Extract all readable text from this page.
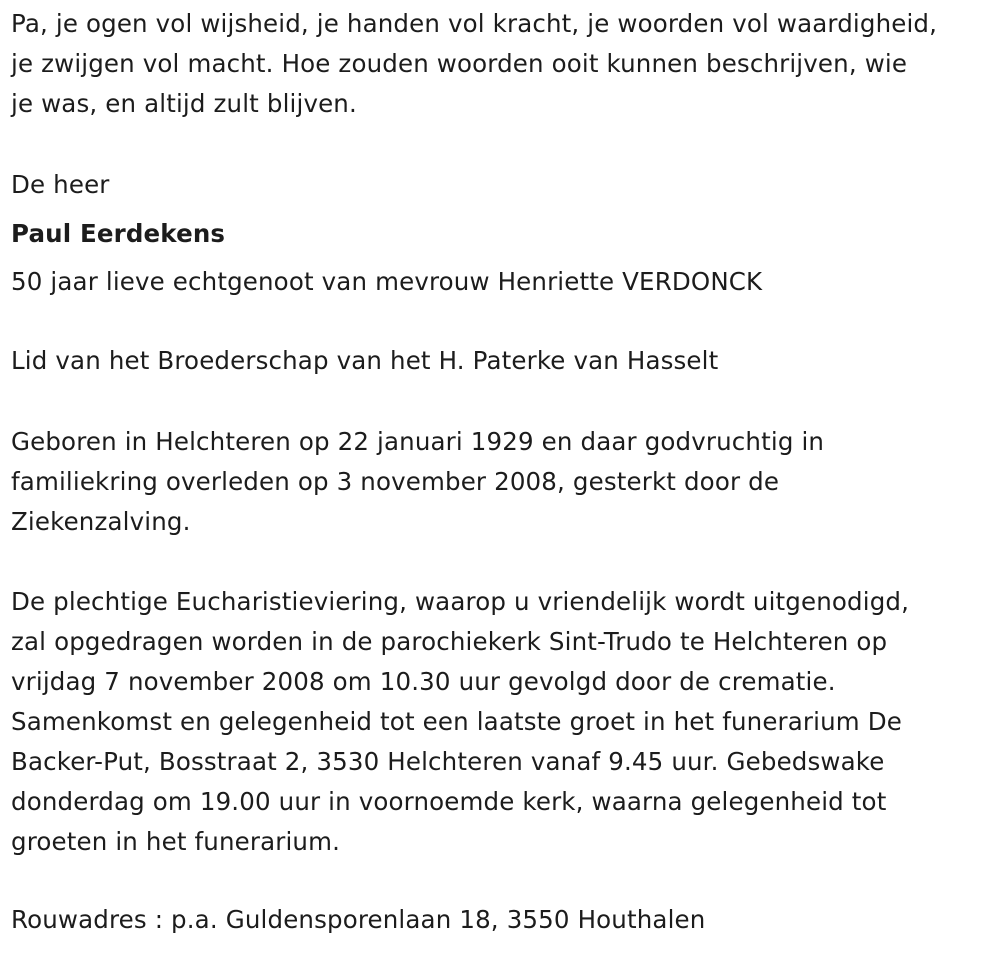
Pa, je ogen vol wijsheid, je handen vol kracht, je woorden vol waardigheid,
je zwijgen vol macht. Hoe zouden woorden ooit kunnen beschrijven, wie
je was, en altijd zult blijven.
De heer
Paul Eerdekens
50 jaar lieve echtgenoot van mevrouw Henriette VERDONCK
Lid van het Broederschap van het H. Paterke van Hasselt
Geboren in Helchteren op 22 januari 1929 en daar godvruchtig in
familiekring overleden op 3 november 2008, gesterkt door de
Ziekenzalving.
De plechtige Eucharistieviering, waarop u vriendelijk wordt uitgenodigd,
zal opgedragen worden in de parochiekerk Sint-Trudo te Helchteren op
vrijdag 7 november 2008 om 10.30 uur gevolgd door de crematie.
Samenkomst en gelegenheid tot een laatste groet in het funerarium De
Backer-Put, Bosstraat 2, 3530 Helchteren vanaf 9.45 uur. Gebedswake
donderdag om 19.00 uur in voornoemde kerk, waarna gelegenheid tot
groeten in het funerarium.
Rouwadres : p.a. Guldensporenlaan 18, 3550 Houthalen
